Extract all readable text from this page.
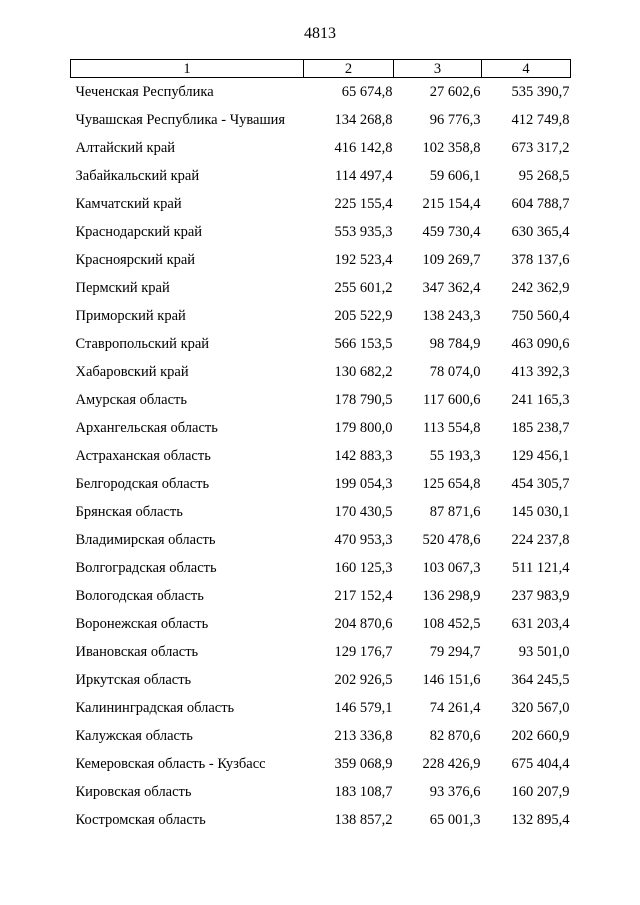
4813
1	2	3	4
Чеченская Республика	65 674,8	27 602,6	535 390,7
Чувашская Республика - Чувашия	134 268,8	96 776,3	412 749,8
Алтайский край	416 142,8	102 358,8	673 317,2
Забайкальский край	114 497,4	59 606,1	95 268,5
Камчатский край	225 155,4	215 154,4	604 788,7
Краснодарский край	553 935,3	459 730,4	630 365,4
Красноярский край	192 523,4	109 269,7	378 137,6
Пермский край	255 601,2	347 362,4	242 362,9
Приморский край	205 522,9	138 243,3	750 560,4
Ставропольский край	566 153,5	98 784,9	463 090,6
Хабаровский край	130 682,2	78 074,0	413 392,3
Амурская область	178 790,5	117 600,6	241 165,3
Архангельская область	179 800,0	113 554,8	185 238,7
Астраханская область	142 883,3	55 193,3	129 456,1
Белгородская область	199 054,3	125 654,8	454 305,7
Брянская область	170 430,5	87 871,6	145 030,1
Владимирская область	470 953,3	520 478,6	224 237,8
Волгоградская область	160 125,3	103 067,3	511 121,4
Вологодская область	217 152,4	136 298,9	237 983,9
Воронежская область	204 870,6	108 452,5	631 203,4
Ивановская область	129 176,7	79 294,7	93 501,0
Иркутская область	202 926,5	146 151,6	364 245,5
Калининградская область	146 579,1	74 261,4	320 567,0
Калужская область	213 336,8	82 870,6	202 660,9
Кемеровская область - Кузбасс	359 068,9	228 426,9	675 404,4
Кировская область	183 108,7	93 376,6	160 207,9
Костромская область	138 857,2	65 001,3	132 895,4
